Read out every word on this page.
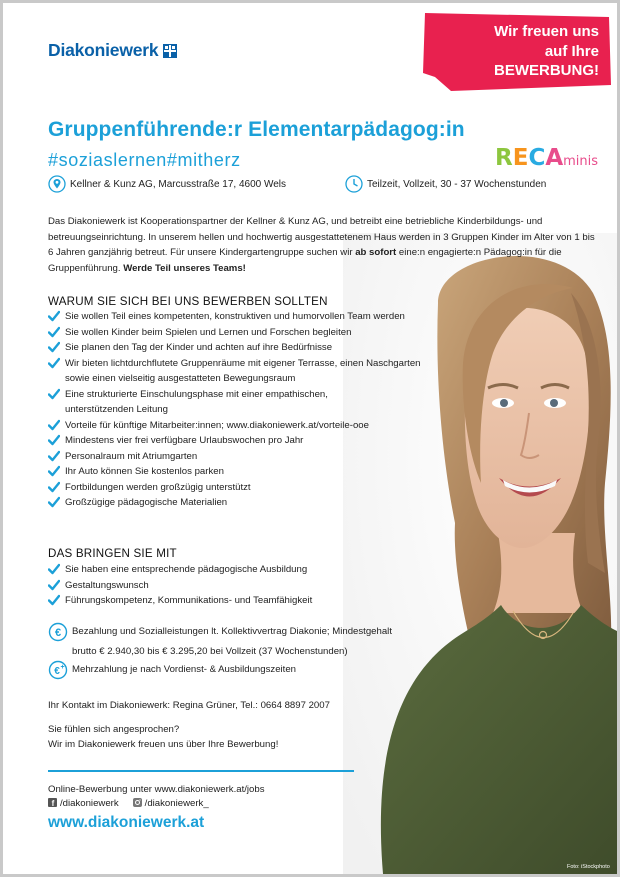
Diakoniewerk
Wir freuen uns
auf Ihre
BEWERBUNG!
Gruppenführende:r Elementarpädagog:in
#soziaslernen#mitherz	RECAminis
Kellner & Kunz AG, Marcusstraße 17, 4600 Wels	Teilzeit, Vollzeit, 30 - 37 Wochenstunden
Das Diakoniewerk ist Kooperationspartner der Kellner & Kunz AG, und betreibt eine betriebliche Kinderbildungs- und betreuungseinrichtung. In unserem hellen und hochwertig ausgestattetenem Haus werden in 3 Gruppen Kinder im Alter von 1 bis 6 Jahren ganzjährig betreut. Für unsere Kindergartengruppe suchen wir ab sofort eine:n engagierte:n Pädagog:in für die Gruppenführung. Werde Teil unseres Teams!
WARUM SIE SICH BEI UNS BEWERBEN SOLLTEN
Sie wollen Teil eines kompetenten, konstruktiven und humorvollen Team werden
Sie wollen Kinder beim Spielen und Lernen und Forschen begleiten
Sie planen den Tag der Kinder und achten auf ihre Bedürfnisse
Wir bieten lichtdurchflutete Gruppenräume mit eigener Terrasse, einen Naschgarten
sowie einen vielseitig ausgestatteten Bewegungsraum
Eine strukturierte Einschulungsphase mit einer empathischen,
unterstützenden Leitung
Vorteile für künftige Mitarbeiter:innen; www.diakoniewerk.at/vorteile-ooe
Mindestens vier frei verfügbare Urlaubswochen pro Jahr
Personalraum mit Atriumgarten
Ihr Auto können Sie kostenlos parken
Fortbildungen werden großzügig unterstützt
Großzügige pädagogische Materialien
DAS BRINGEN SIE MIT
Sie haben eine entsprechende pädagogische Ausbildung
Gestaltungswunsch
Führungskompetenz, Kommunikations- und Teamfähigkeit
€ Bezahlung und Sozialleistungen lt. Kollektivvertrag Diakonie; Mindestgehalt
brutto € 2.940,30 bis € 3.295,20 bei Vollzeit (37 Wochenstunden)
€ + Mehrzahlung je nach Vordienst- & Ausbildungszeiten
Ihr Kontakt im Diakoniewerk: Regina Grüner, Tel.: 0664 8897 2007
Sie fühlen sich angesprochen?
Wir im Diakoniewerk freuen uns über Ihre Bewerbung!
Online-Bewerbung unter www.diakoniewerk.at/jobs
f /diakoniewerk	/diakoniewerk_
www.diakoniewerk.at
Foto: iStockphoto
